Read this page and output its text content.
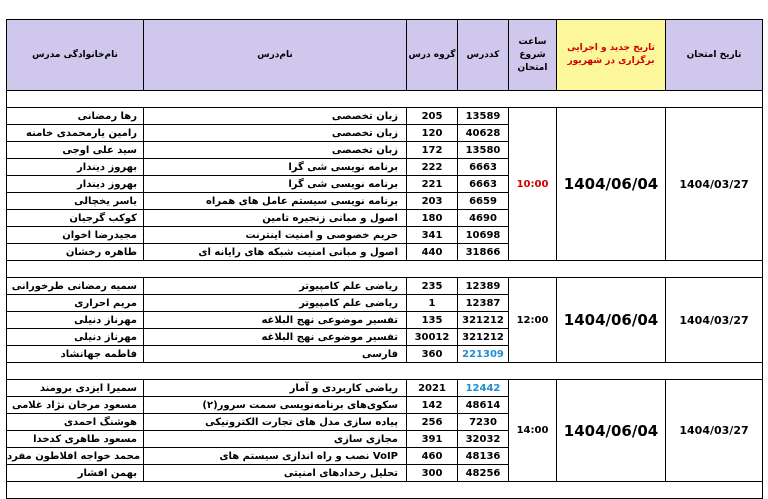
نام‌خانوادگی مدرس	نام‌درس	گروه درس	کددرس	ساعت شروع امتحان	تاریخ جدید و اجرایی برگزاری در شهریور	تاریخ امتحان

رها رمضانی	زبان تخصصی	205	13589	10:00	1404/06/04	1404/03/27
رامین یارمحمدی خامنه	زبان تخصصی	120	40628			
سید علی اوجی	زبان تخصصی	172	13580			
بهروز دیندار	برنامه نویسی شی گرا	222	6663			
بهروز دیندار	برنامه نویسی شی گرا	221	6663			
یاسر یخچالی	برنامه نویسی سیستم عامل های همراه	203	6659			
کوکب گرجیان	اصول و مبانی زنجیره تامین	180	4690			
مجیدرضا اخوان	حریم خصوصی و امنیت اینترنت	341	10698			
طاهره رخشان	اصول و مبانی امنیت شبکه های رایانه ای	440	31866			

سمیه رمضانی طرخورانی	ریاضی علم کامپیوتر	235	12389	12:00	1404/06/04	1404/03/27
مریم احراری	ریاضی علم کامپیوتر	1	12387			
مهرناز دنیلی	تفسیر موضوعی نهج البلاغه	135	321212			
مهرناز دنیلی	تفسیر موضوعی نهج البلاغه	30012	321212			
فاطمه جهانشاد	فارسی	360	221309			

سمیرا ایزدی برومند	ریاضی کاربردی و آمار	2021	12442	14:00	1404/06/04	1404/03/27
مسعود مرخان نژاد غلامی	سکوی‌های برنامه‌نویسی سمت سرور(۲)	142	48614			
هوشنگ احمدی	پیاده سازی مدل های تجارت الکترونیکی	256	7230			
مسعود طاهری کدخدا	مجازی سازی	391	32032			
محمد خواجه افلاطون مفرد	نصب و راه اندازی سیستم های VoIP	460	48136			
بهمن افشار	تحلیل رخدادهای امنیتی	300	48256			
